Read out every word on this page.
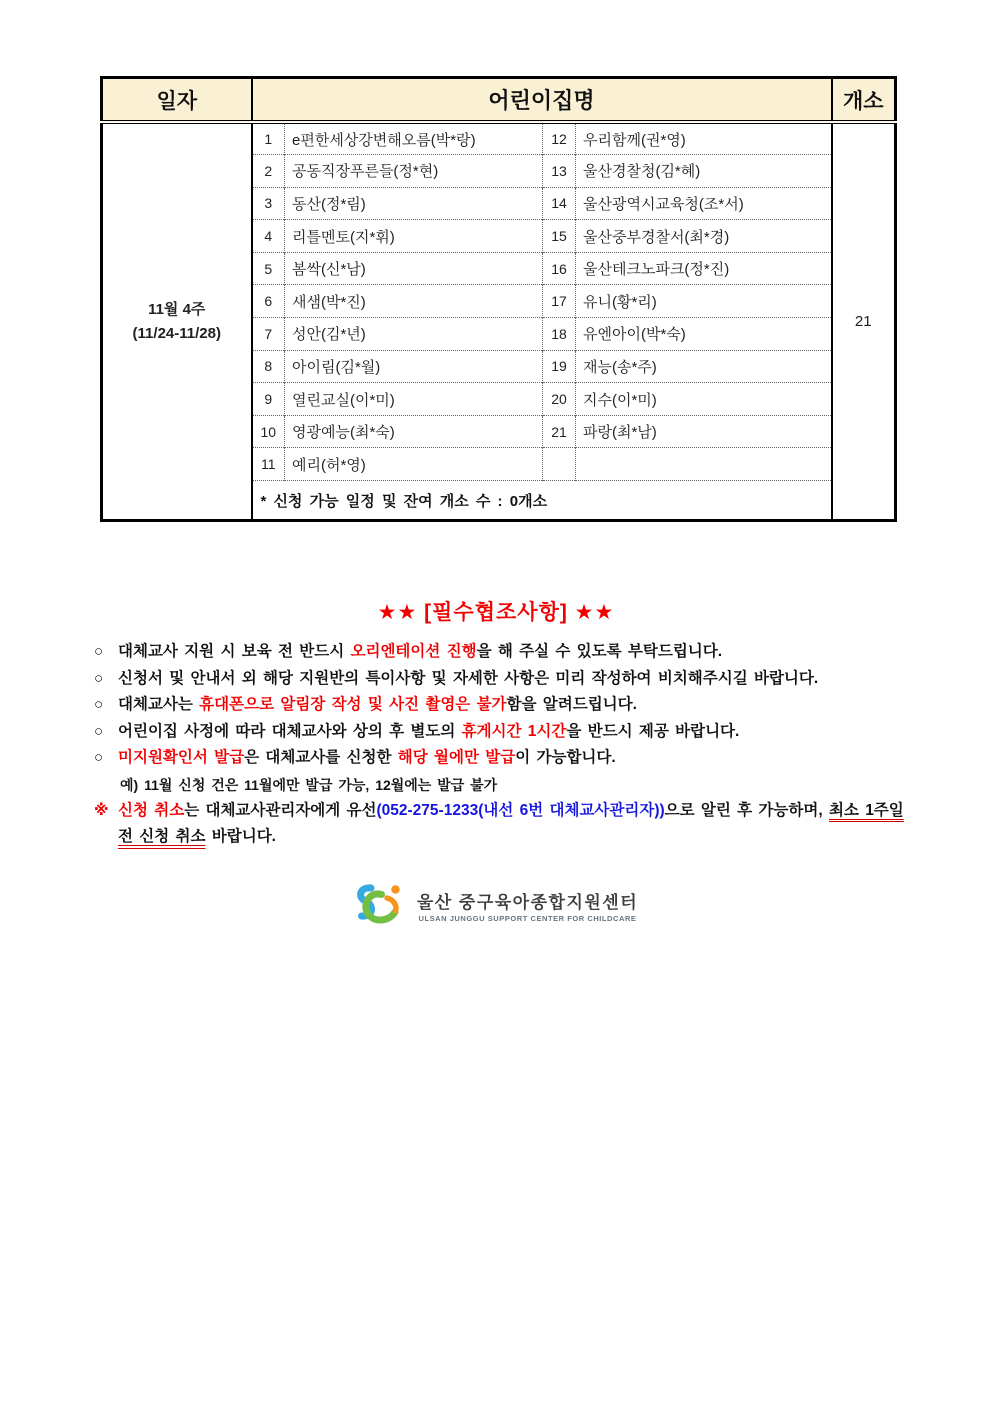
일자	어린이집명				개소

11월 4주
(11/24-11/28)	1	e편한세상강변해오름(박*랑)	12	우리함께(권*영)	21
	2	공동직장푸른들(정*현)	13	울산경찰청(김*혜)	
	3	동산(정*림)	14	울산광역시교육청(조*서)	
	4	리틀멘토(지*휘)	15	울산중부경찰서(최*경)	
	5	봄싹(신*남)	16	울산테크노파크(정*진)	
	6	새샘(박*진)	17	유니(황*리)	
	7	성안(김*년)	18	유엔아이(박*숙)	
	8	아이림(김*월)	19	재능(송*주)	
	9	열린교실(이*미)	20	지수(이*미)	
	10	영광예능(최*숙)	21	파랑(최*남)	
	11	예리(허*영)			
	* 신청 가능 일정 및 잔여 개소 수 : 0개소				
★★ [필수협조사항] ★★
○ 대체교사 지원 시 보육 전 반드시 오리엔테이션 진행을 해 주실 수 있도록 부탁드립니다.
○ 신청서 및 안내서 외 해당 지원반의 특이사항 및 자세한 사항은 미리 작성하여 비치해주시길 바랍니다.
○ 대체교사는 휴대폰으로 알림장 작성 및 사진 촬영은 불가함을 알려드립니다.
○ 어린이집 사정에 따라 대체교사와 상의 후 별도의 휴게시간 1시간을 반드시 제공 바랍니다.
○ 미지원확인서 발급은 대체교사를 신청한 해당 월에만 발급이 가능합니다.
예) 11월 신청 건은 11월에만 발급 가능, 12월에는 발급 불가
※ 신청 취소는 대체교사관리자에게 유선(052-275-1233(내선 6번 대체교사관리자))으로 알린 후 가능하며, 최소 1주일 전 신청 취소 바랍니다.
울산 중구육아종합지원센터
ULSAN JUNGGU SUPPORT CENTER FOR CHILDCARE
